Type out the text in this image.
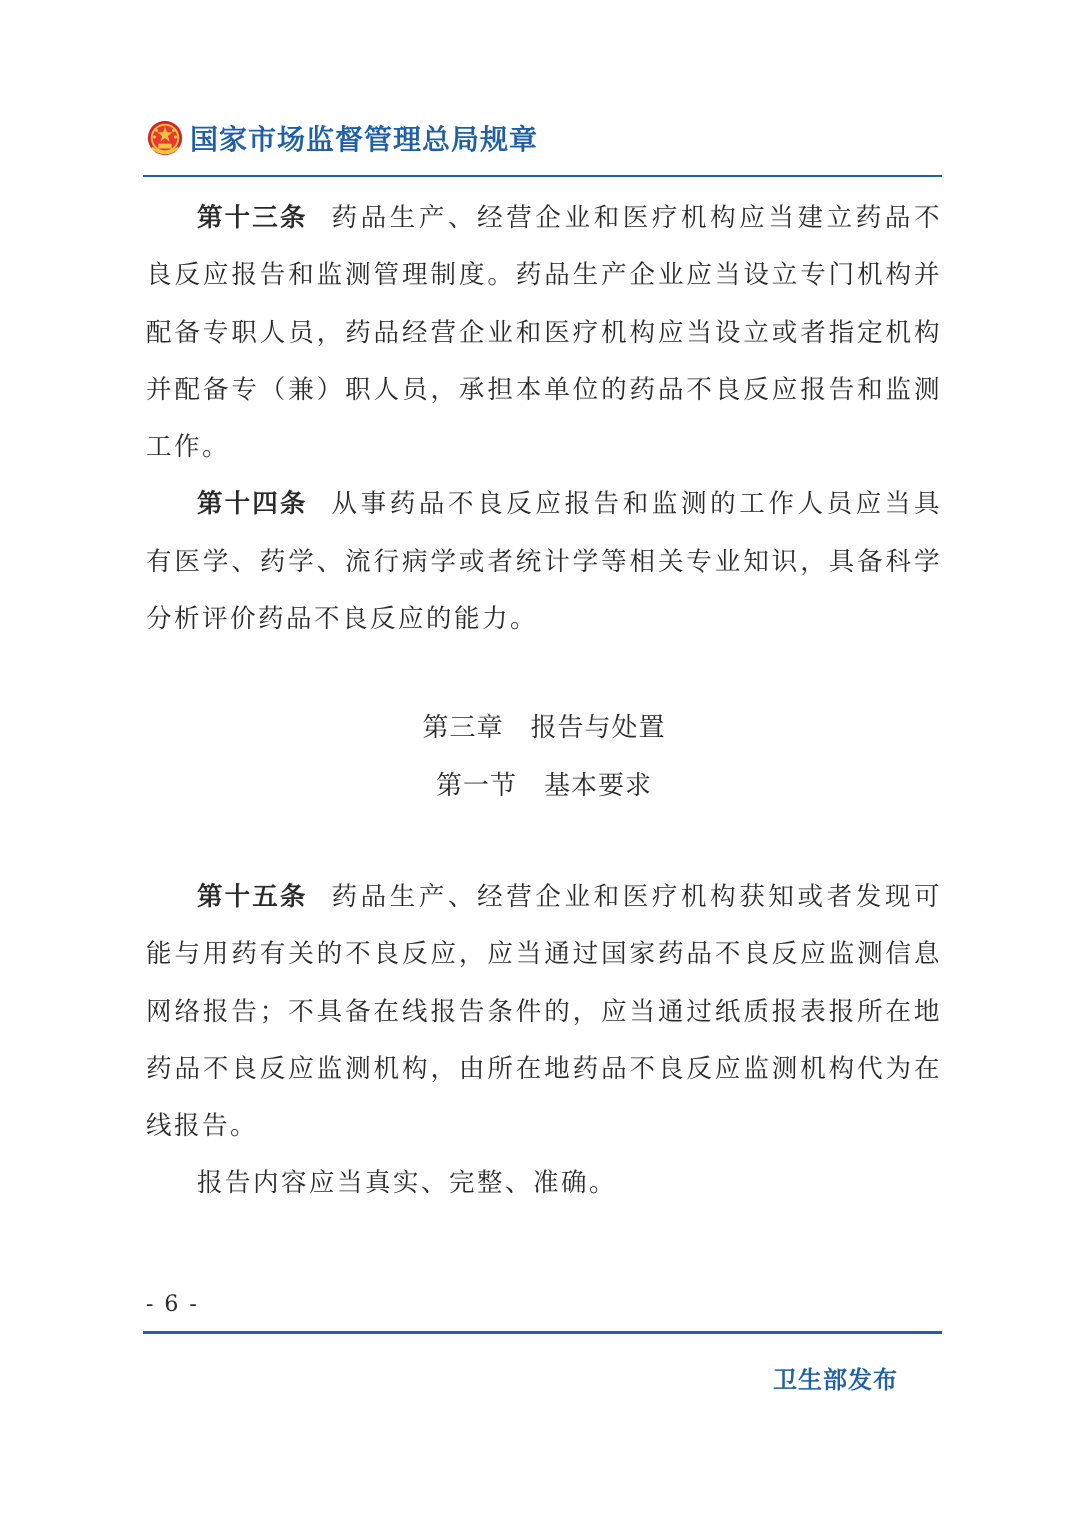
国家市场监督管理总局规章

第十三条 药品生产、经营企业和医疗机构应当建立药品不良反应报告和监测管理制度。药品生产企业应当设立专门机构并配备专职人员，药品经营企业和医疗机构应当设立或者指定机构并配备专（兼）职人员，承担本单位的药品不良反应报告和监测工作。

第十四条 从事药品不良反应报告和监测的工作人员应当具有医学、药学、流行病学或者统计学等相关专业知识，具备科学分析评价药品不良反应的能力。

第三章　报告与处置
第一节　基本要求

第十五条 药品生产、经营企业和医疗机构获知或者发现可能与用药有关的不良反应，应当通过国家药品不良反应监测信息网络报告；不具备在线报告条件的，应当通过纸质报表报所在地药品不良反应监测机构，由所在地药品不良反应监测机构代为在线报告。

报告内容应当真实、完整、准确。

- 6 -
卫生部发布
